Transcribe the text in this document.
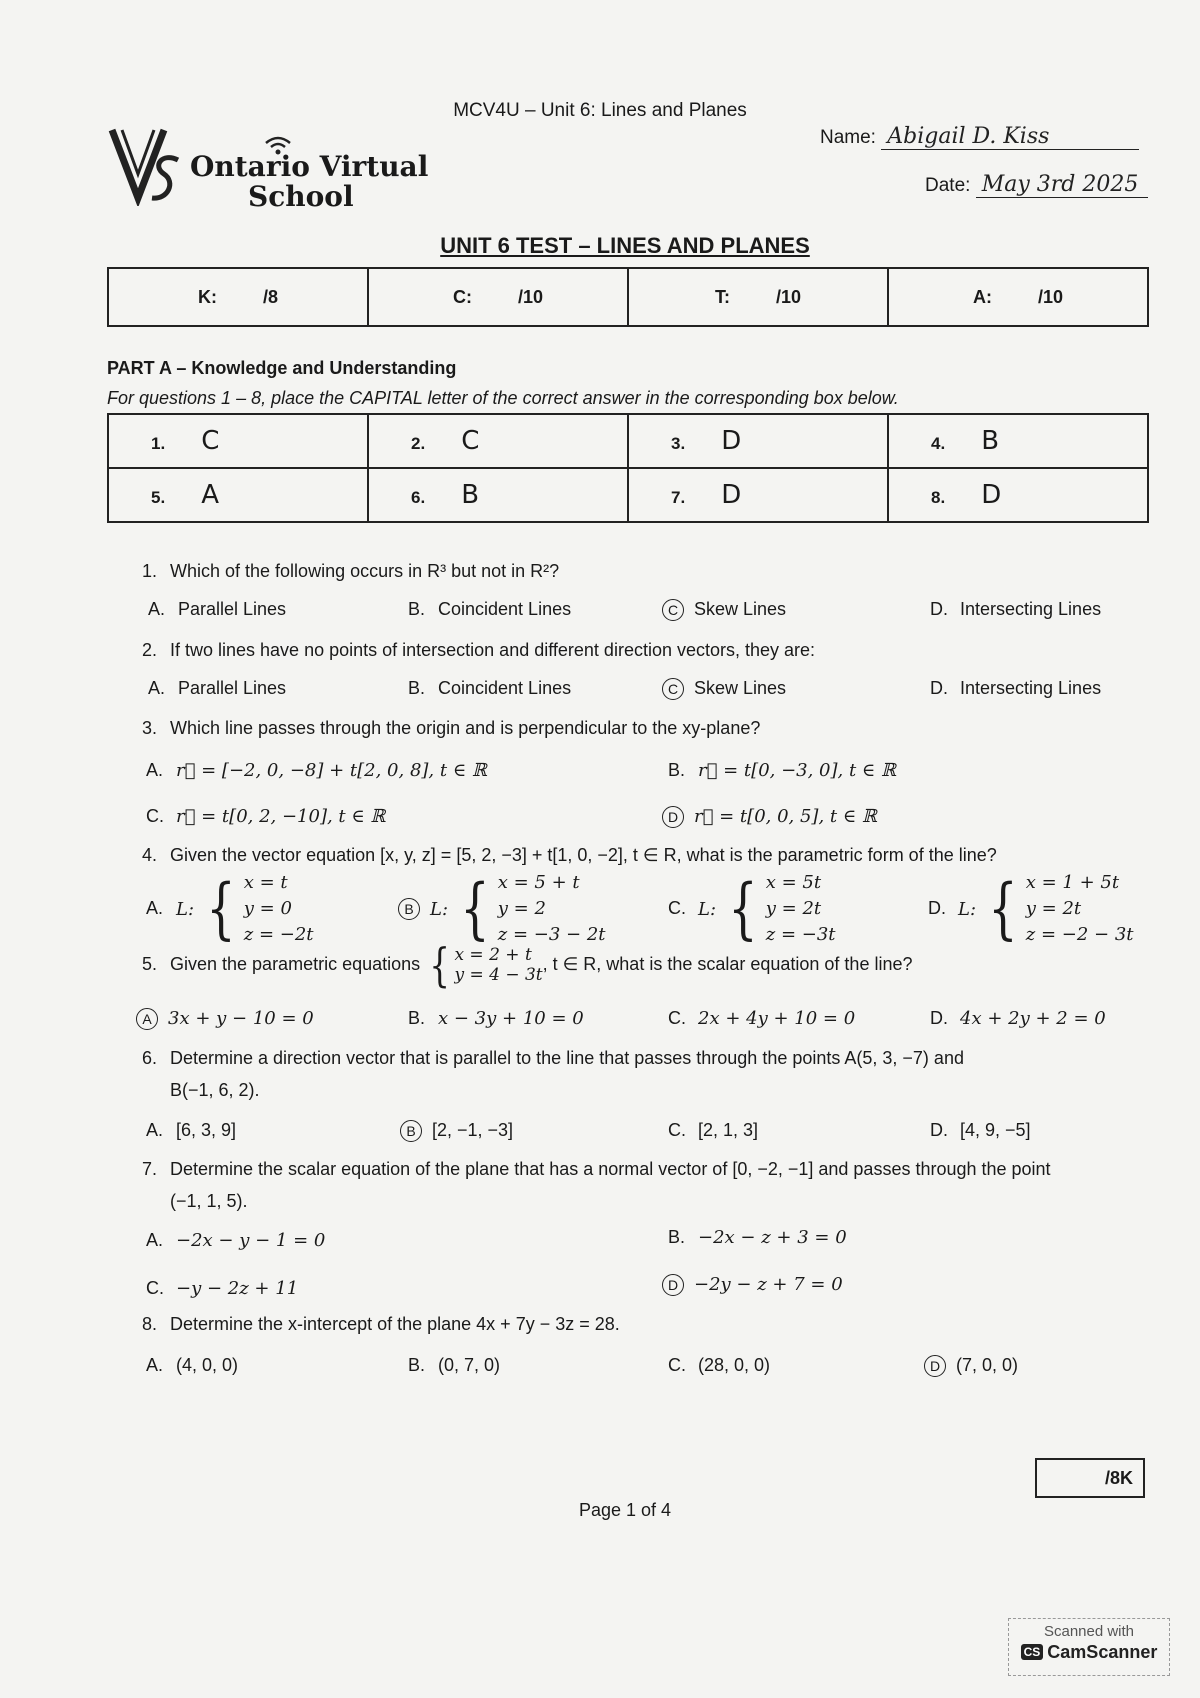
MCV4U – Unit 6: Lines and Planes
Ontario Virtual
School
Name: Abigail D. Kiss
Date: May 3rd 2025
UNIT 6 TEST – LINES AND PLANES
K:	/8	C:	/10	T:	/10	A:	/10
PART A – Knowledge and Understanding
For questions 1 – 8, place the CAPITAL letter of the correct answer in the corresponding box below.
1. C	2. C	3. D	4. B
5. A	6. B	7. D	8. D
1. Which of the following occurs in R³ but not in R²?
A. Parallel Lines	B. Coincident Lines	C Skew Lines	D. Intersecting Lines
2. If two lines have no points of intersection and different direction vectors, they are:
A. Parallel Lines	B. Coincident Lines	C Skew Lines	D. Intersecting Lines
3. Which line passes through the origin and is perpendicular to the xy-plane?
A. r⃗ = [−2, 0, −8] + t[2, 0, 8], t ∈ ℝ	B. r⃗ = t[0, −3, 0], t ∈ ℝ
C. r⃗ = t[0, 2, −10], t ∈ ℝ	D r⃗ = t[0, 0, 5], t ∈ ℝ
4. Given the vector equation [x, y, z] = [5, 2, −3] + t[1, 0, −2], t ∈ R, what is the parametric form of the line?
A. L: { x = t
y = 0
z = −2t
B L: { x = 5 + t
y = 2
z = −3 − 2t
C. L: { x = 5t
y = 2t
z = −3t
D. L: { x = 1 + 5t
y = 2t
z = −2 − 3t
5. Given the parametric equations { x = 2 + t
y = 4 − 3t
, t ∈ R, what is the scalar equation of the line?
A 3x + y − 10 = 0	B. x − 3y + 10 = 0	C. 2x + 4y + 10 = 0	D. 4x + 2y + 2 = 0
6. Determine a direction vector that is parallel to the line that passes through the points A(5, 3, −7) and
B(−1, 6, 2).
A. [6, 3, 9]	B [2, −1, −3]	C. [2, 1, 3]	D. [4, 9, −5]
7. Determine the scalar equation of the plane that has a normal vector of [0, −2, −1] and passes through the point
(−1, 1, 5).
A. −2x − y − 1 = 0	B. −2x − z + 3 = 0
C. −y − 2z + 11	D −2y − z + 7 = 0
8. Determine the x-intercept of the plane 4x + 7y − 3z = 28.
A. (4, 0, 0)	B. (0, 7, 0)	C. (28, 0, 0)	D (7, 0, 0)
/8K
Page 1 of 4
Scanned with
CS CamScanner
